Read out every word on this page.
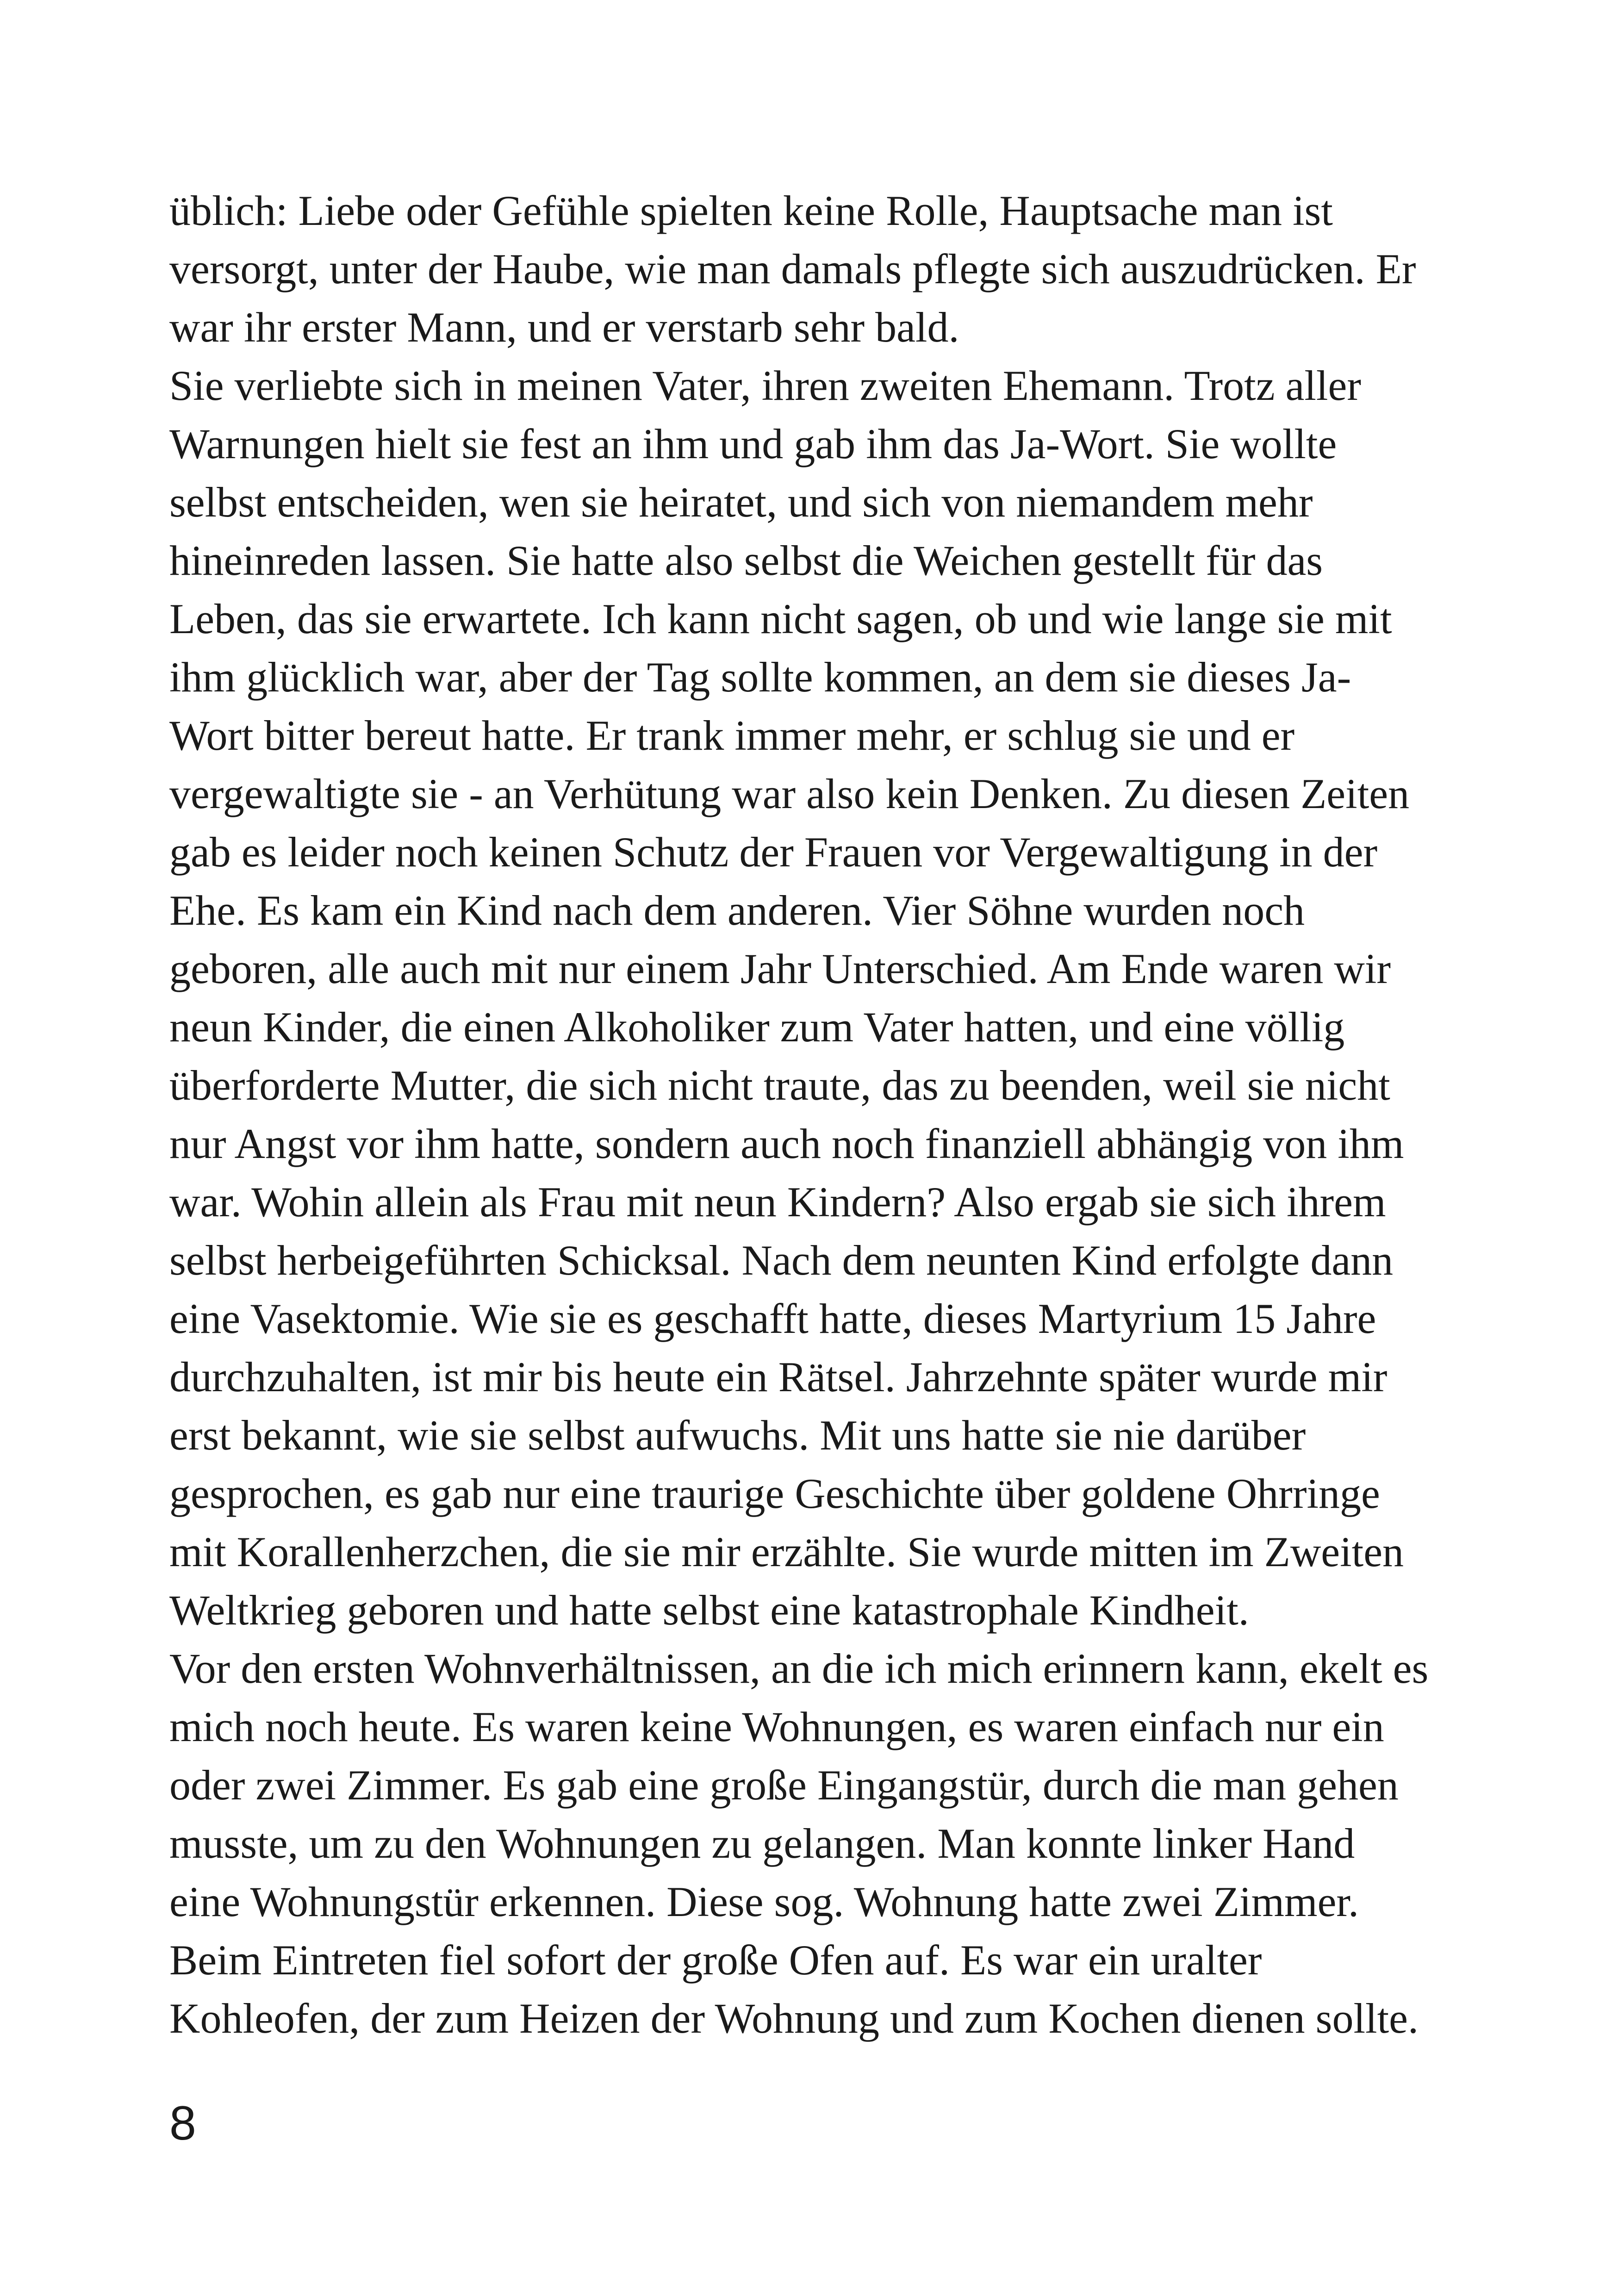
üblich: Liebe oder Gefühle spielten keine Rolle, Hauptsache man ist
versorgt, unter der Haube, wie man damals pflegte sich auszudrücken. Er
war ihr erster Mann, und er verstarb sehr bald.
Sie verliebte sich in meinen Vater, ihren zweiten Ehemann. Trotz aller
Warnungen hielt sie fest an ihm und gab ihm das Ja-Wort. Sie wollte
selbst entscheiden, wen sie heiratet, und sich von niemandem mehr
hineinreden lassen. Sie hatte also selbst die Weichen gestellt für das
Leben, das sie erwartete. Ich kann nicht sagen, ob und wie lange sie mit
ihm glücklich war, aber der Tag sollte kommen, an dem sie dieses Ja-
Wort bitter bereut hatte. Er trank immer mehr, er schlug sie und er
vergewaltigte sie - an Verhütung war also kein Denken. Zu diesen Zeiten
gab es leider noch keinen Schutz der Frauen vor Vergewaltigung in der
Ehe. Es kam ein Kind nach dem anderen. Vier Söhne wurden noch
geboren, alle auch mit nur einem Jahr Unterschied. Am Ende waren wir
neun Kinder, die einen Alkoholiker zum Vater hatten, und eine völlig
überforderte Mutter, die sich nicht traute, das zu beenden, weil sie nicht
nur Angst vor ihm hatte, sondern auch noch finanziell abhängig von ihm
war. Wohin allein als Frau mit neun Kindern? Also ergab sie sich ihrem
selbst herbeigeführten Schicksal. Nach dem neunten Kind erfolgte dann
eine Vasektomie. Wie sie es geschafft hatte, dieses Martyrium 15 Jahre
durchzuhalten, ist mir bis heute ein Rätsel. Jahrzehnte später wurde mir
erst bekannt, wie sie selbst aufwuchs. Mit uns hatte sie nie darüber
gesprochen, es gab nur eine traurige Geschichte über goldene Ohrringe
mit Korallenherzchen, die sie mir erzählte. Sie wurde mitten im Zweiten
Weltkrieg geboren und hatte selbst eine katastrophale Kindheit.
Vor den ersten Wohnverhältnissen, an die ich mich erinnern kann, ekelt es
mich noch heute. Es waren keine Wohnungen, es waren einfach nur ein
oder zwei Zimmer. Es gab eine große Eingangstür, durch die man gehen
musste, um zu den Wohnungen zu gelangen. Man konnte linker Hand
eine Wohnungstür erkennen. Diese sog. Wohnung hatte zwei Zimmer.
Beim Eintreten fiel sofort der große Ofen auf. Es war ein uralter
Kohleofen, der zum Heizen der Wohnung und zum Kochen dienen sollte.
8
